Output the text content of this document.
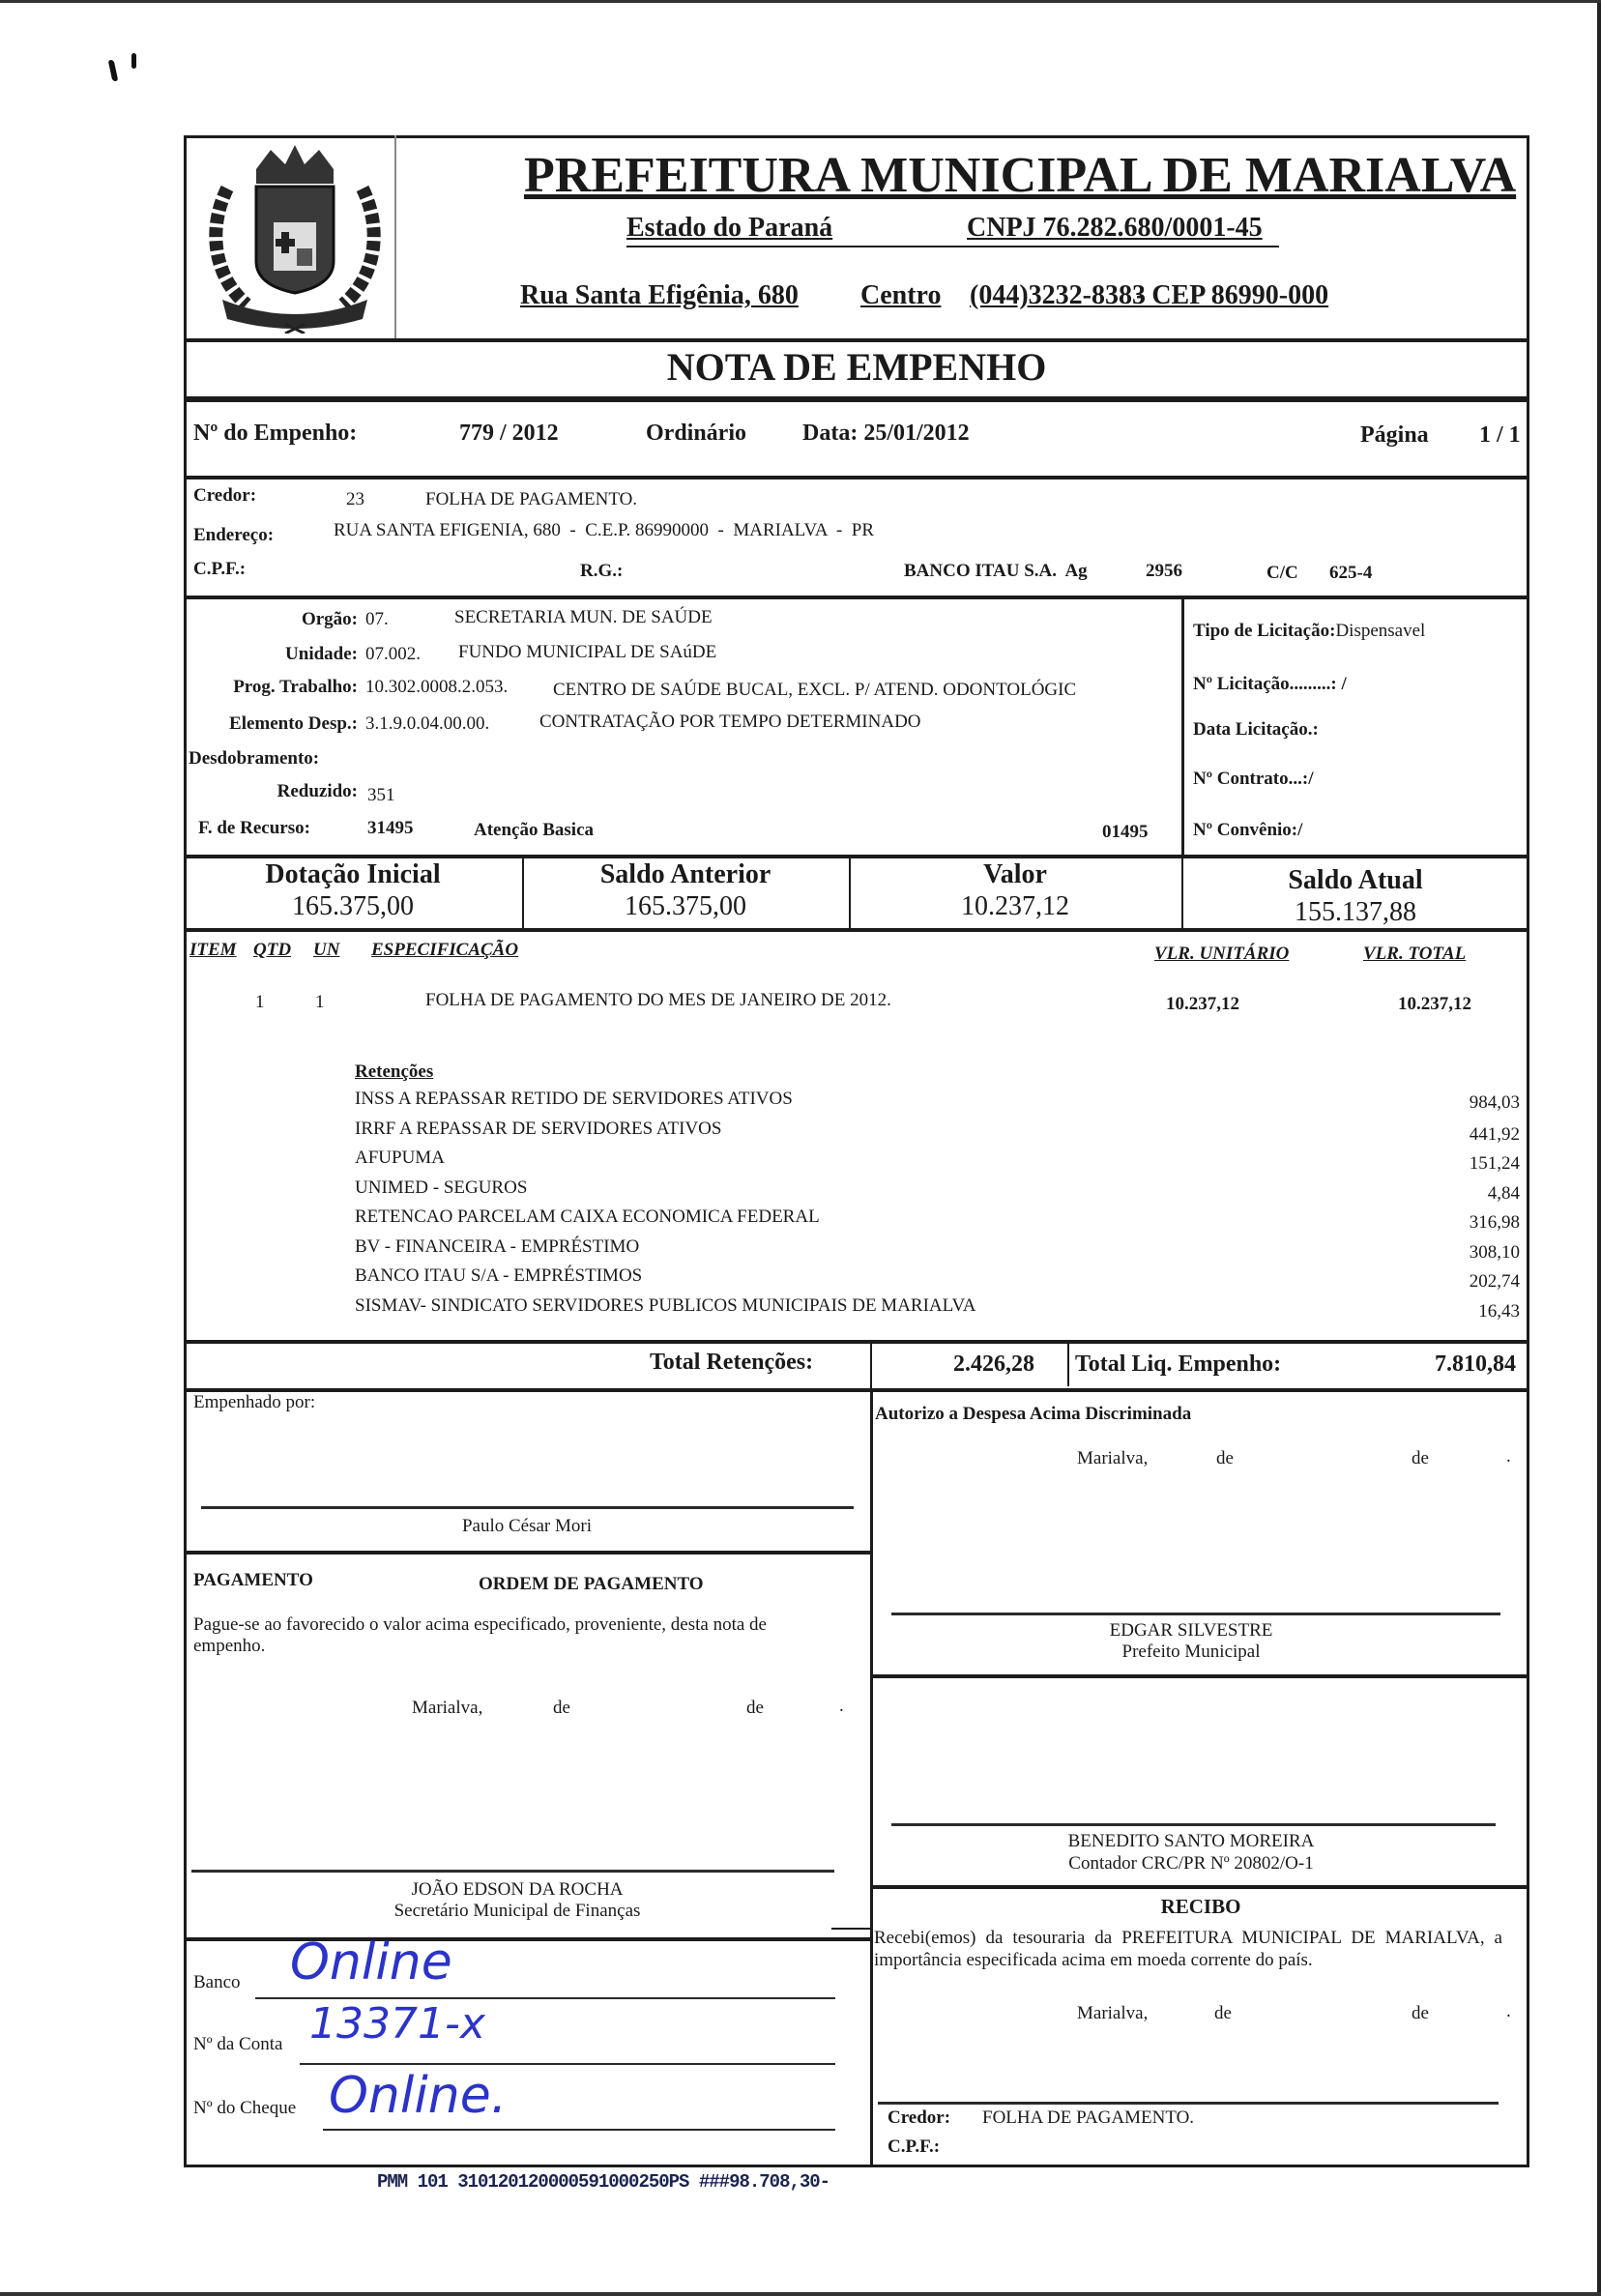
PREFEITURA MUNICIPAL DE MARIALVA
Estado do Paraná	CNPJ 76.282.680/0001-45
Rua Santa Efigênia, 680 Centro (044)3232-8383
- CEP 86990-000
NOTA DE EMPENHO
Nº do Empenho:	779 / 2012	Ordinário Data: 25/01/2012	Página 1 / 1
Credor:	23	FOLHA DE PAGAMENTO.
Endereço:	RUA SANTA EFIGENIA, 680  -  C.E.P. 86990000  -  MARIALVA  -  PR
C.P.F.:	R.G.:	BANCO ITAU S.A.  Ag	2956	C/C 625-4
Orgão: 07.	SECRETARIA MUN. DE SAÚDE
Unidade: 07.002. FUNDO MUNICIPAL DE SAúDE
Prog. Trabalho: 10.302.0008.2.053. CENTRO DE SAÚDE BUCAL, EXCL. P/ ATEND. ODONTOLÓGIC
Elemento Desp.: 3.1.9.0.04.00.00.	CONTRATAÇÃO POR TEMPO DETERMINADO
Desdobramento:
Reduzido: 351
F. de Recurso:	31495	Atenção Basica	01495
Tipo de Licitação:Dispensavel
Nº Licitação.........: /
Data Licitação.:
Nº Contrato...:/
Nº Convênio:/
Dotação Inicial
165.375,00
Saldo Anterior
165.375,00
Valor
10.237,12
Saldo Atual
155.137,88
ITEM QTD UN ESPECIFICAÇÃO	VLR. UNITÁRIO	VLR. TOTAL
1	1	FOLHA DE PAGAMENTO DO MES DE JANEIRO DE 2012.	10.237,12	10.237,12
Retenções
INSS A REPASSAR RETIDO DE SERVIDORES ATIVOS	984,03
IRRF A REPASSAR DE SERVIDORES ATIVOS	441,92
AFUPUMA	151,24
UNIMED - SEGUROS	4,84
RETENCAO PARCELAM CAIXA ECONOMICA FEDERAL	316,98
BV - FINANCEIRA - EMPRÉSTIMO	308,10
BANCO ITAU S/A - EMPRÉSTIMOS	202,74
SISMAV- SINDICATO SERVIDORES PUBLICOS MUNICIPAIS DE MARIALVA	16,43
Total Retenções:	2.426,28 Total Liq. Empenho:	7.810,84
Empenhado por:
Paulo César Mori
Autorizo a Despesa Acima Discriminada
Marialva,	de	de	.
PAGAMENTO	ORDEM DE PAGAMENTO
Pague-se ao favorecido o valor acima especificado, proveniente, desta nota de empenho.
Marialva,	de	de	.
EDGAR SILVESTRE
Prefeito Municipal
BENEDITO SANTO MOREIRA
Contador CRC/PR Nº 20802/O-1
JOÃO EDSON DA ROCHA
Secretário Municipal de Finanças
Banco Online
Nº da Conta 13371-x
Nº do Cheque Online.
RECIBO
Recebi(emos) da tesouraria da PREFEITURA MUNICIPAL DE MARIALVA, a importância especificada acima em moeda corrente do país.
Marialva,	de	de	.
Credor: FOLHA DE PAGAMENTO.
C.P.F.:
PMM 101 310120120000591000250PS ###98.708,30-
